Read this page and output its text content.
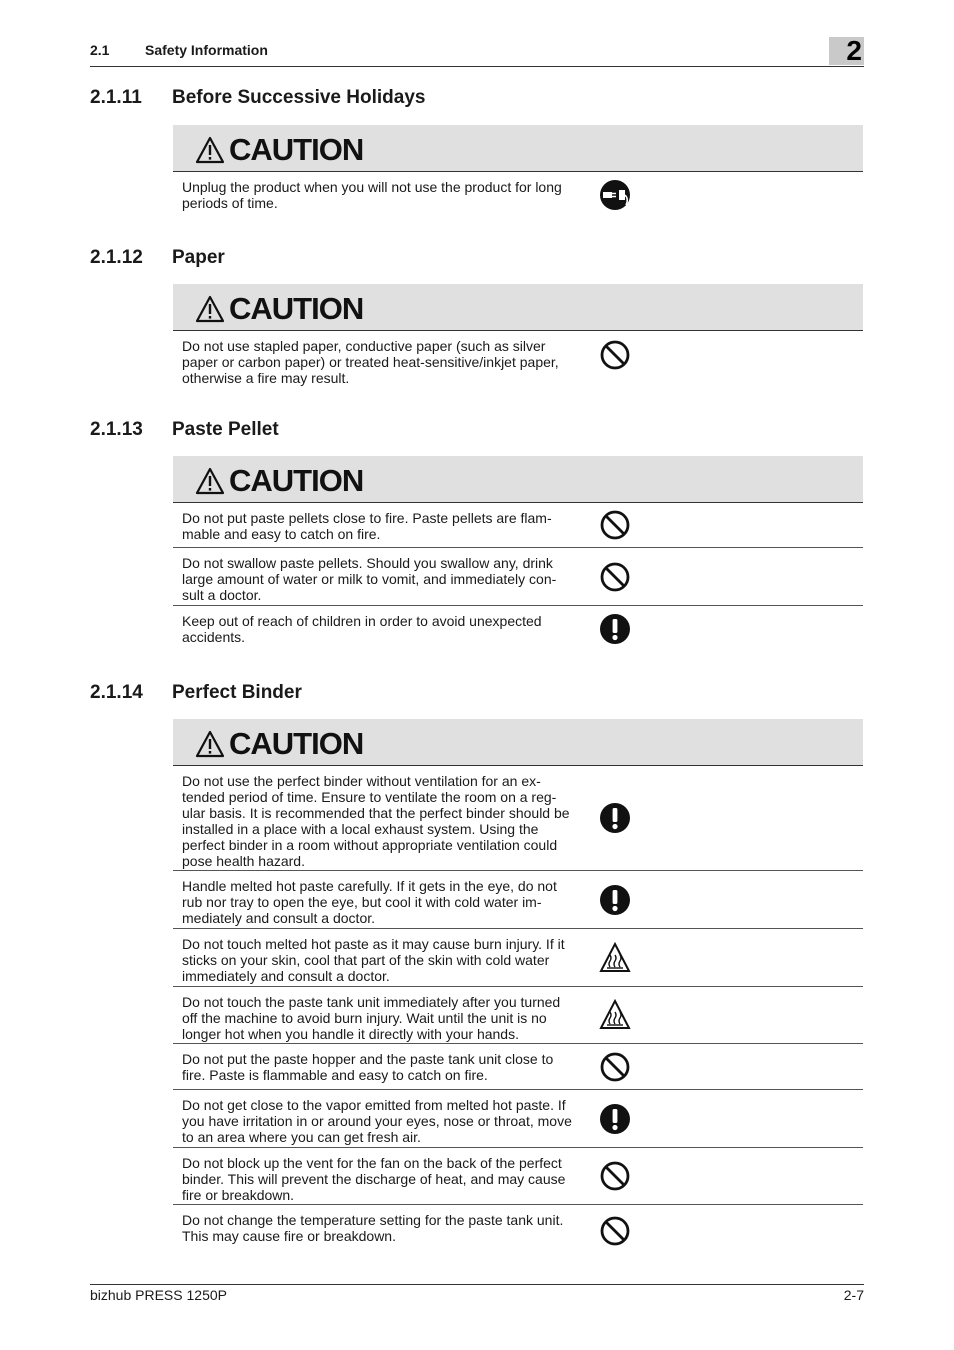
2.1	Safety Information	2
2.1.11 Before Successive Holidays
CAUTION
Unplug the product when you will not use the product for long periods of time.
2.1.12 Paper
CAUTION
Do not use stapled paper, conductive paper (such as silver paper or carbon paper) or treated heat-sensitive/inkjet paper, otherwise a fire may result.
2.1.13 Paste Pellet
CAUTION
Do not put paste pellets close to fire. Paste pellets are flam-mable and easy to catch on fire.
Do not swallow paste pellets. Should you swallow any, drink large amount of water or milk to vomit, and immediately con-sult a doctor.
Keep out of reach of children in order to avoid unexpected accidents.
2.1.14 Perfect Binder
CAUTION
Do not use the perfect binder without ventilation for an ex-tended period of time. Ensure to ventilate the room on a reg-ular basis. It is recommended that the perfect binder should be installed in a place with a local exhaust system. Using the perfect binder in a room without appropriate ventilation could pose health hazard.
Handle melted hot paste carefully. If it gets in the eye, do not rub nor tray to open the eye, but cool it with cold water im-mediately and consult a doctor.
Do not touch melted hot paste as it may cause burn injury. If it sticks on your skin, cool that part of the skin with cold water immediately and consult a doctor.
Do not touch the paste tank unit immediately after you turned off the machine to avoid burn injury. Wait until the unit is no longer hot when you handle it directly with your hands.
Do not put the paste hopper and the paste tank unit close to fire. Paste is flammable and easy to catch on fire.
Do not get close to the vapor emitted from melted hot paste. If you have irritation in or around your eyes, nose or throat, move to an area where you can get fresh air.
Do not block up the vent for the fan on the back of the perfect binder. This will prevent the discharge of heat, and may cause fire or breakdown.
Do not change the temperature setting for the paste tank unit. This may cause fire or breakdown.
bizhub PRESS 1250P	2-7
